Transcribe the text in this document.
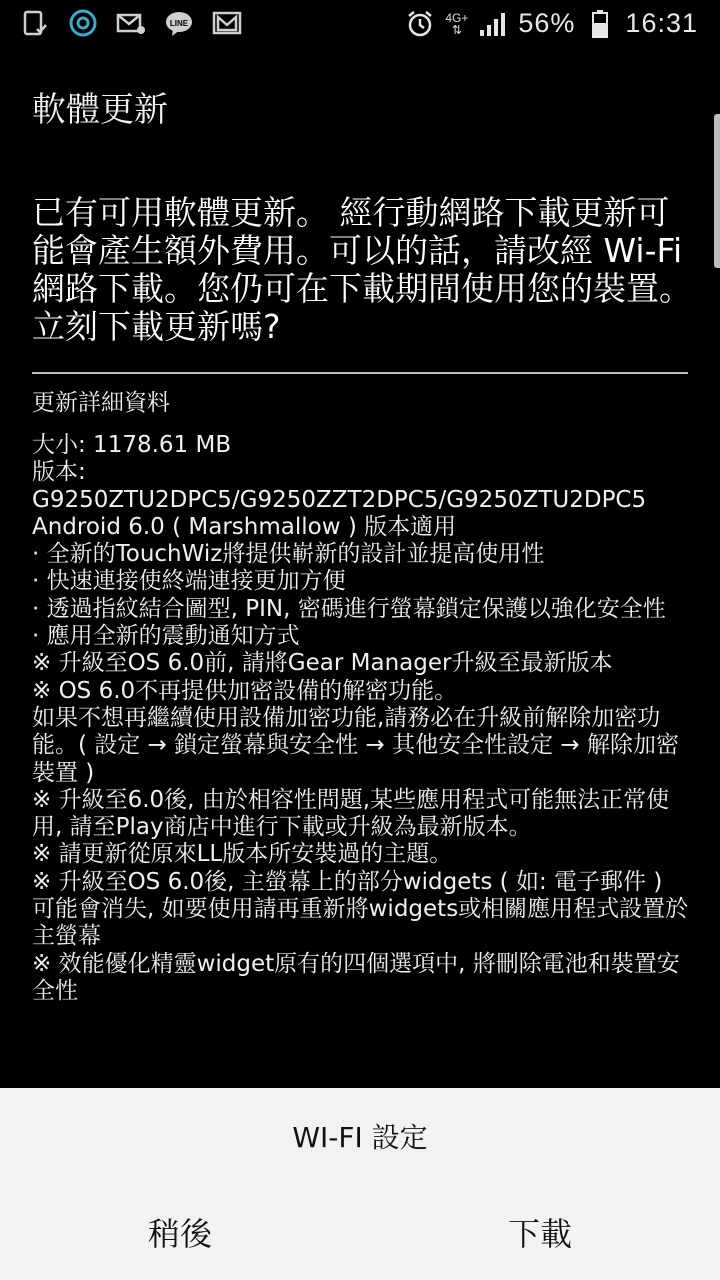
LINE	4G+
⇅ 56% 16:31
軟體更新
已有可用軟體更新。 經行動網路下載更新可能會產生額外費用。可以的話，請改經 Wi-Fi 網路下載。您仍可在下載期間使用您的裝置。立刻下載更新嗎?
更新詳細資料
大小: 1178.61 MB
版本: G9250ZTU2DPC5/G9250ZZT2DPC5/G9250ZTU2DPC5
Android 6.0 ( Marshmallow ) 版本適用
· 全新的TouchWiz將提供嶄新的設計並提高使用性
· 快速連接使終端連接更加方便
· 透過指紋結合圖型, PIN, 密碼進行螢幕鎖定保護以強化安全性
· 應用全新的震動通知方式
※ 升級至OS 6.0前, 請將Gear Manager升級至最新版本
※ OS 6.0不再提供加密設備的解密功能。
如果不想再繼續使用設備加密功能,請務必在升級前解除加密功能。( 設定 → 鎖定螢幕與安全性 → 其他安全性設定 → 解除加密裝置 )
※ 升級至6.0後, 由於相容性問題,某些應用程式可能無法正常使用, 請至Play商店中進行下載或升級為最新版本。
※ 請更新從原來LL版本所安裝過的主題。
※ 升級至OS 6.0後, 主螢幕上的部分widgets ( 如: 電子郵件 ) 可能會消失, 如要使用請再重新將widgets或相關應用程式設置於主螢幕
※ 效能優化精靈widget原有的四個選項中, 將刪除電池和裝置安全性
WI-FI 設定
稍後	下載
